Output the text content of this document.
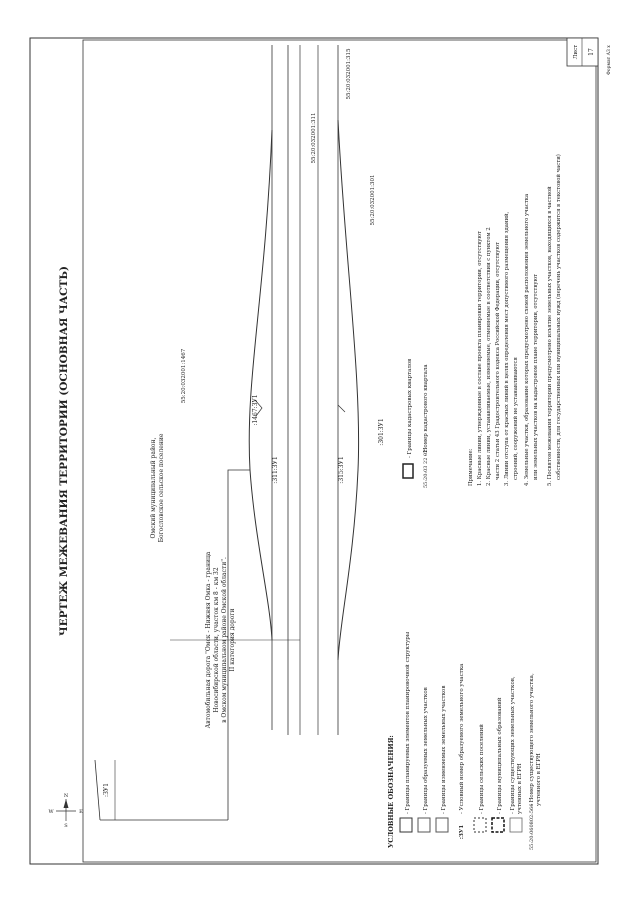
ЧЕРТЕЖ МЕЖЕВАНИЯ ТЕРРИТОРИИ (ОСНОВНАЯ ЧАСТЬ)
N
S
W	E
Автомобильная дорога "Омск - Нижняя Омка - граница Новосибирской области, участок км 8 - км 32 в Омском муниципальном районе Омской области". II категория дороги
Омский муниципальный район, Богословское сельское поселение
55:20:032001:1467
55:20:032001:311
55:20:032001:315
55:20:032001:301
:ЗУ1
:1467:ЗУ1
:311:ЗУ1	:315:ЗУ1
:301:ЗУ1
УСЛОВНЫЕ ОБОЗНАЧЕНИЯ: - Границы планируемых элементов планировочной структуры - Границы образуемых земельных участков - Границы изменяемых земельных участков
:ЗУ1
- Условный номер образуемого земельного участка	- Границы сельских поселений - Границы муниципальных образований - Границы существующих земельных участков, учтенных в ЕГРН
55:20:060802:566
- Номер существующего земельного участка, учтенного в ЕГРН
- Границы кадастровых кварталов
55:20:03 22 02
- Номер кадастрового квартала
Примечание: 1. Красные линии, утвержденные в составе проекта планировки территории, отсутствуют 2. Красные линии, устанавливаемые, изменяемые, отменяемые в соответствии с пунктом 2 части 2 статьи 43 Градостроительного кодекса Российской Федерации, отсутствуют 3. Линии отступа от красных линий в целях определения мест допустимого размещения зданий, строений, сооружений не устанавливаются 4. Земельные участки, образование которых предусмотрено схемой расположения земельного участка или земельных участков на кадастровом плане территории, отсутствуют 5. Посвятом межевания территории предусмотрено изъятие земельных участков, находящихся в частной собственности, для государственных или муниципальных нужд (перечень участков содержится в текстовой части)
Лист 17	Формат А3 х
